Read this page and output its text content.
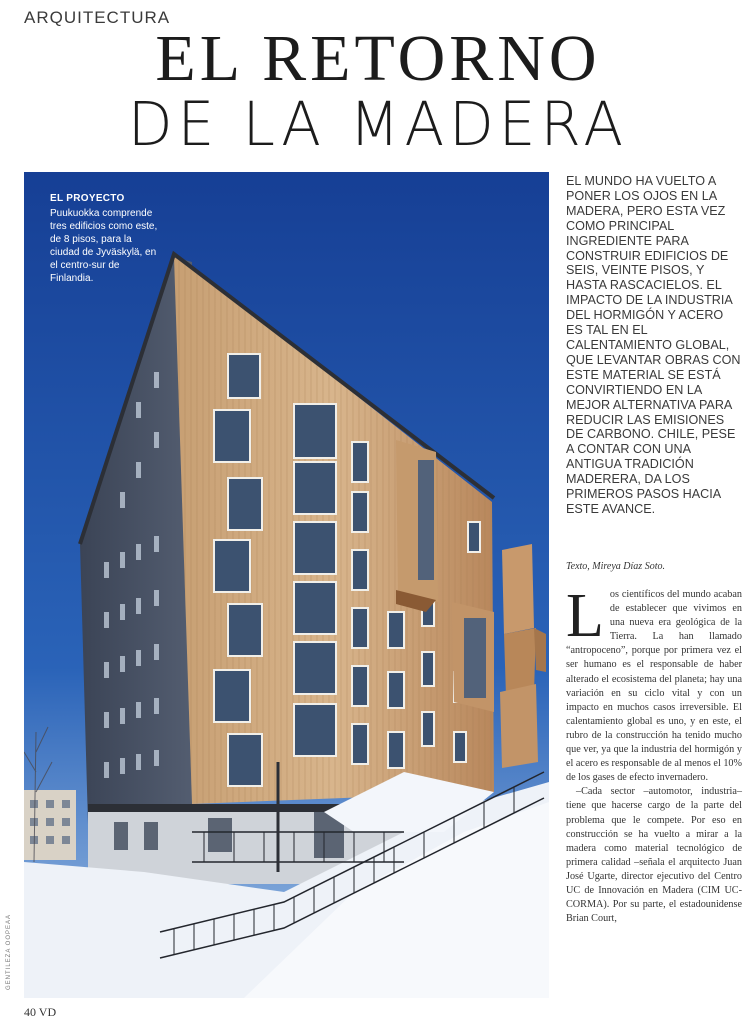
ARQUITECTURA
EL RETORNO
DE LA MADERA
EL PROYECTO
Puukuokka comprende tres edificios como este, de 8 pisos, para la ciudad de Jyväskylä, en el centro-sur de Finlandia.
GENTILEZA OOPEAA
EL MUNDO HA VUELTO A PONER LOS OJOS EN LA MADERA, PERO ESTA VEZ COMO PRINCIPAL INGREDIENTE PARA CONSTRUIR EDIFICIOS DE SEIS, VEINTE PISOS, Y HASTA RASCACIELOS. EL IMPACTO DE LA INDUSTRIA DEL HORMIGÓN Y ACERO ES TAL EN EL CALENTAMIENTO GLOBAL, QUE LEVANTAR OBRAS CON ESTE MATERIAL SE ESTÁ CONVIRTIENDO EN LA MEJOR ALTERNATIVA PARA REDUCIR LAS EMISIONES DE CARBONO. CHILE, PESE A CONTAR CON UNA ANTIGUA TRADICIÓN MADERERA, DA LOS PRIMEROS PASOS HACIA ESTE AVANCE.
Texto, Mireya Díaz Soto.
L os científicos del mundo acaban de establecer que vivimos en una nueva era geológica de la Tierra. La han llamado “antropoceno”, porque por primera vez el ser humano es el responsable de haber alterado el ecosistema del planeta; hay una variación en su ciclo vital y con un impacto en muchos casos irreversible. El calentamiento global es uno, y en este, el rubro de la construcción ha tenido mucho que ver, ya que la industria del hormigón y el acero es responsable de al menos el 10% de los gases de efecto invernadero.

–Cada sector –automotor, industria– tiene que hacerse cargo de la parte del problema que le compete. Por eso en construcción se ha vuelto a mirar a la madera como material tecnológico de primera calidad –señala el arquitecto Juan José Ugarte, director ejecutivo del Centro UC de Innovación en Madera (CIM UC-CORMA). Por su parte, el estadounidense Brian Court,

40 VD
